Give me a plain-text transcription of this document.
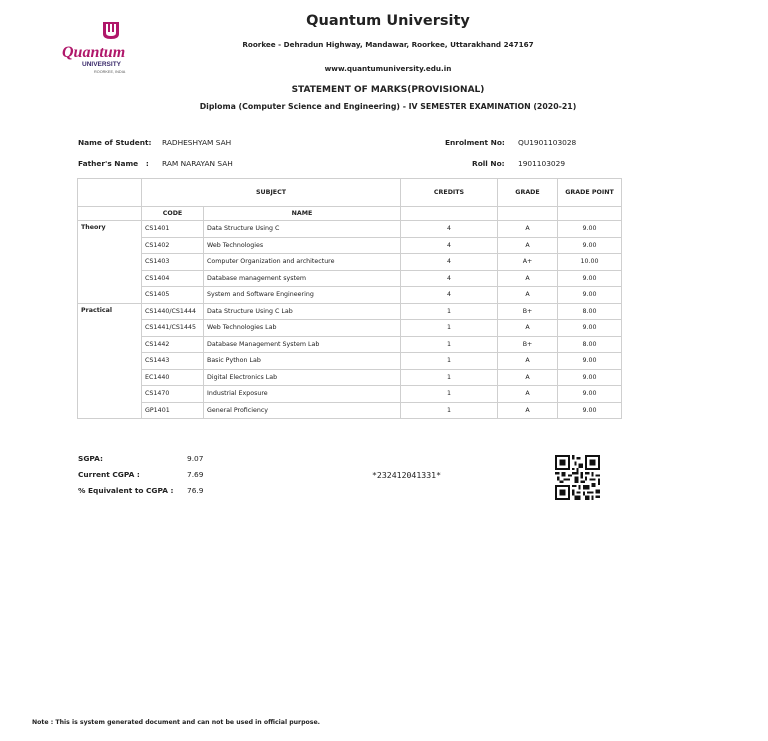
Quantum
UNIVERSITY
ROORKEE, INDIA
Quantum University
Roorkee - Dehradun Highway, Mandawar, Roorkee, Uttarakhand 247167
www.quantumuniversity.edu.in
STATEMENT OF MARKS(PROVISIONAL)
Diploma (Computer Science and Engineering) - IV SEMESTER EXAMINATION (2020-21)
Name of Student: RADHESHYAM SAH
Father's Name   : RAM NARAYAN SAH
Enrolment No: QU1901103028
Roll No: 1901103029
	SUBJECT		CREDITS	GRADE	GRADE POINT
	CODE	NAME			
Theory	CS1401	Data Structure Using C	4	A	9.00
	CS1402	Web Technologies	4	A	9.00
	CS1403	Computer Organization and architecture	4	A+	10.00
	CS1404	Database management system	4	A	9.00
	CS1405	System and Software Engineering	4	A	9.00
Practical	CS1440/CS1444	Data Structure Using C Lab	1	B+	8.00
	CS1441/CS1445	Web Technologies Lab	1	A	9.00
	CS1442	Database Management System Lab	1	B+	8.00
	CS1443	Basic Python Lab	1	A	9.00
	EC1440	Digital Electronics Lab	1	A	9.00
	CS1470	Industrial Exposure	1	A	9.00
	GP1401	General Proficiency	1	A	9.00
SGPA:	9.07
Current CGPA :	7.69
% Equivalent to CGPA : 76.9
*232412041331*
Note : This is system generated document and can not be used in official purpose.
